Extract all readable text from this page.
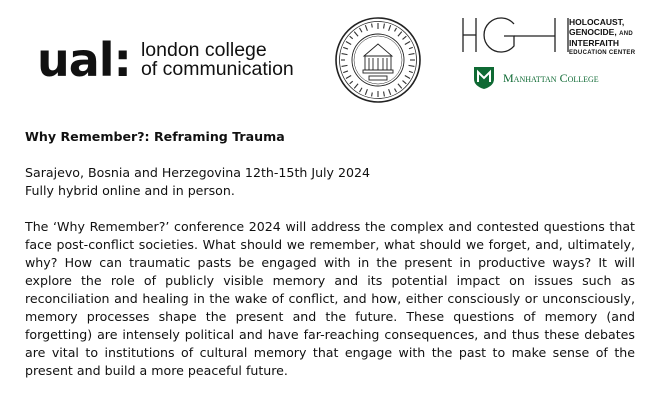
ual: london college
of communication
HOLOCAUST,
GENOCIDE, AND
INTERFAITH
EDUCATION CENTER
Manhattan College

Why Remember?: Reframing Trauma

Sarajevo, Bosnia and Herzegovina 12th-15th July 2024

Fully hybrid online and in person.

The ‘Why Remember?’ conference 2024 will address the complex and contested questions that face post-conflict societies. What should we remember, what should we forget, and, ultimately, why? How can traumatic pasts be engaged with in the present in productive ways? It will explore the role of publicly visible memory and its potential impact on issues such as reconciliation and healing in the wake of conflict, and how, either consciously or unconsciously, memory processes shape the present and the future. These questions of memory (and forgetting) are intensely political and have far-reaching consequences, and thus these debates are vital to institutions of cultural memory that engage with the past to make sense of the present and build a more peaceful future.
